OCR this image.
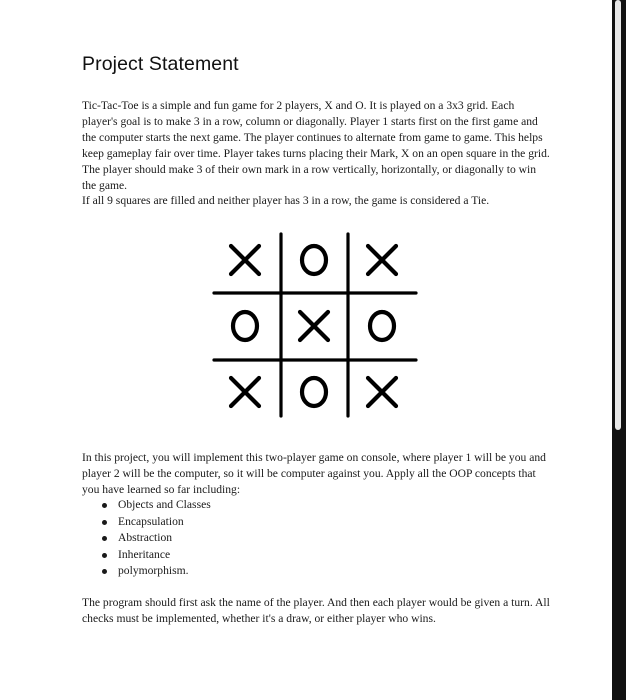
Project Statement
Tic-Tac-Toe is a simple and fun game for 2 players, X and O. It is played on a 3x3 grid. Each player's goal is to make 3 in a row, column or diagonally. Player 1 starts first on the first game and the computer starts the next game. The player continues to alternate from game to game. This helps keep gameplay fair over time. Player takes turns placing their Mark, X on an open square in the grid. The player should make 3 of their own mark in a row vertically, horizontally, or diagonally to win the game.
If all 9 squares are filled and neither player has 3 in a row, the game is considered a Tie.
In this project, you will implement this two-player game on console, where player 1 will be you and player 2 will be the computer, so it will be computer against you. Apply all the OOP concepts that you have learned so far including:
Objects and Classes
Encapsulation
Abstraction
Inheritance
polymorphism.
The program should first ask the name of the player. And then each player would be given a turn. All checks must be implemented, whether it's a draw, or either player who wins.
